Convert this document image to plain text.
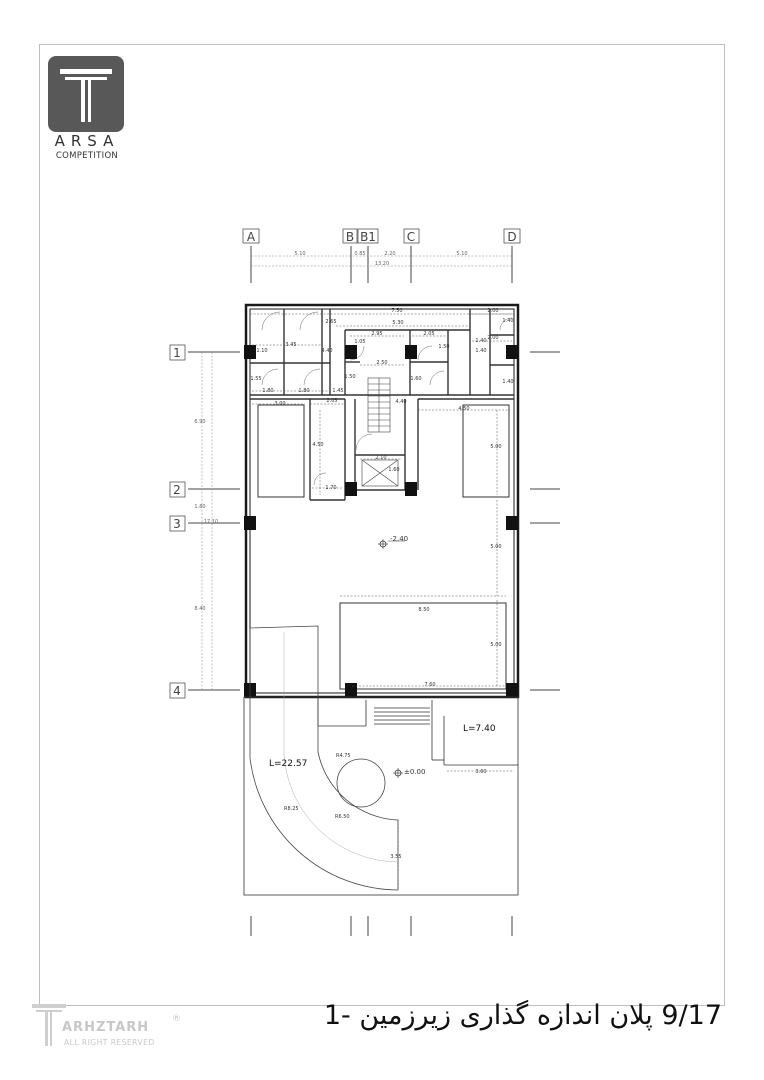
ARSA
COMPETITION
A	B B1	C	D
5.10	0.85	2.20	5.10
13.20
1
2
3
4
6.90
1.80
17.10
8.40
7.50
5.30
2.00
2.00
1.40
1.40
1.40
2.65
4.40
3.45
2.95	2.05
1.50
1.05
1.50
2.50
1.60
1.55
1.80	1.80	1.45
3.00	2.05	4.40
4.50
4.50	5.00
2.10
1.60
1.70
1.10
1.40
5.00
8.50
5.00
7.60
3.60
3.55
-2.40
±0.00
L=22.57
L=7.40
R4.75
R8.25
R6.50
9/17 پلان اندازه گذاری زیرزمین -1
ARHZTARH
ALL RIGHT RESERVED
®
